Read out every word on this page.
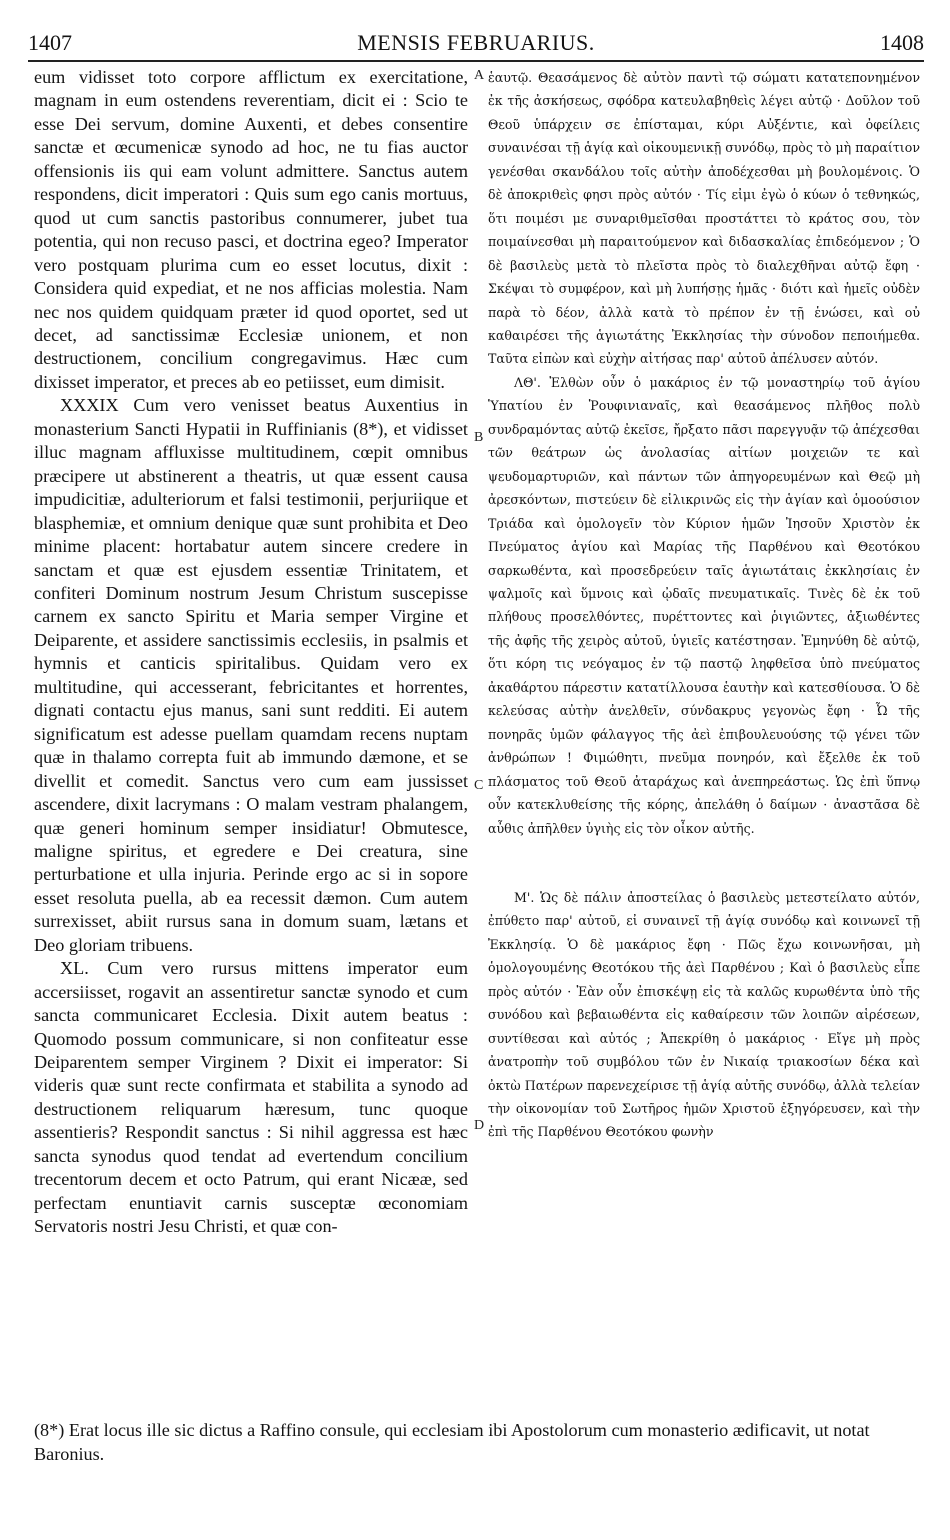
1407	MENSIS FEBRUARIUS.	1408

eum vidisset toto corpore afflictum ex exercitatione, magnam in eum ostendens reverentiam, dicit ei : Scio te esse Dei servum, domine Auxenti, et debes consentire sanctæ et œcumenicæ synodo ad hoc, ne tu fias auctor offensionis iis qui eam volunt admittere. Sanctus autem respondens, dicit imperatori : Quis sum ego canis mortuus, quod ut cum sanctis pastoribus connumerer, jubet tua potentia, qui non recuso pasci, et doctrina egeo? Imperator vero postquam plurima cum eo esset locutus, dixit : Considera quid expediat, et ne nos afficias molestia. Nam nec nos quidem quidquam præter id quod oportet, sed ut decet, ad sanctissimæ Ecclesiæ unionem, et non destructionem, concilium congregavimus. Hæc cum dixisset imperator, et preces ab eo petiisset, eum dimisit.

XXXIX Cum vero venisset beatus Auxentius in monasterium Sancti Hypatii in Ruffinianis (8*), et vidisset illuc magnam affluxisse multitudinem, cœpit omnibus præcipere ut abstinerent a theatris, ut quæ essent causa impudicitiæ, adulteriorum et falsi testimonii, perjuriique et blasphemiæ, et omnium denique quæ sunt prohibita et Deo minime placent: hortabatur autem sincere credere in sanctam et quæ est ejusdem essentiæ Trinitatem, et confiteri Dominum nostrum Jesum Christum suscepisse carnem ex sancto Spiritu et Maria semper Virgine et Deiparente, et assidere sanctissimis ecclesiis, in psalmis et hymnis et canticis spiritalibus. Quidam vero ex multitudine, qui accesserant, febricitantes et horrentes, dignati contactu ejus manus, sani sunt redditi. Ei autem significatum est adesse puellam quamdam recens nuptam quæ in thalamo correpta fuit ab immundo dæmone, et se divellit et comedit. Sanctus vero cum eam jussisset ascendere, dixit lacrymans : O malam vestram phalangem, quæ generi hominum semper insidiatur! Obmutesce, maligne spiritus, et egredere e Dei creatura, sine perturbatione et ulla injuria. Perinde ergo ac si in sopore esset resoluta puella, ab ea recessit dæmon. Cum autem surrexisset, abiit rursus sana in domum suam, lætans et Deo gloriam tribuens.

XL. Cum vero rursus mittens imperator eum accersiisset, rogavit an assentiretur sanctæ synodo et cum sancta communicaret Ecclesia. Dixit autem beatus : Quomodo possum communicare, si non confiteatur esse Deiparentem semper Virginem ? Dixit ei imperator: Si videris quæ sunt recte confirmata et stabilita a synodo ad destructionem reliquarum hæresum, tunc quoque assentieris? Respondit sanctus : Si nihil aggressa est hæc sancta synodus quod tendat ad evertendum concilium trecentorum decem et octo Patrum, qui erant Nicææ, sed perfectam enuntiavit carnis susceptæ œconomiam Servatoris nostri Jesu Christi, et quæ con-

ἑαυτῷ. Θεασάμενος δὲ αὐτὸν παντὶ τῷ σώματι κατατεπονημένον ἐκ τῆς ἀσκήσεως, σφόδρα κατευλαβηθεὶς λέγει αὐτῷ · Δοῦλον τοῦ Θεοῦ ὑπάρχειν σε ἐπίσταμαι, κύρι Αὐξέντιε, καὶ ὀφείλεις συναινέσαι τῇ ἁγίᾳ καὶ οἰκουμενικῇ συνόδῳ, πρὸς τὸ μὴ παραίτιον γενέσθαι σκανδάλου τοῖς αὐτὴν ἀποδέχεσθαι μὴ βουλομένοις. Ὁ δὲ ἀποκριθεὶς φησι πρὸς αὐτόν · Τίς εἰμι ἐγὼ ὁ κύων ὁ τεθνηκώς, ὅτι ποιμέσι με συναριθμεῖσθαι προστάττει τὸ κράτος σου, τὸν ποιμαίνεσθαι μὴ παραιτούμενον καὶ διδασκαλίας ἐπιδεόμενον ; Ὁ δὲ βασιλεὺς μετὰ τὸ πλεῖστα πρὸς τὸ διαλεχθῆναι αὐτῷ ἔφη · Σκέψαι τὸ συμφέρον, καὶ μὴ λυπήσῃς ἡμᾶς · διότι καὶ ἡμεῖς οὐδὲν παρὰ τὸ δέον, ἀλλὰ κατὰ τὸ πρέπον ἐν τῇ ἑνώσει, καὶ οὐ καθαιρέσει τῆς ἁγιωτάτης Ἐκκλησίας τὴν σύνοδον πεποιήμεθα. Ταῦτα εἰπὼν καὶ εὐχὴν αἰτήσας παρ' αὐτοῦ ἀπέλυσεν αὐτόν.

ΛΘ'. Ἐλθὼν οὖν ὁ μακάριος ἐν τῷ μοναστηρίῳ τοῦ ἁγίου Ὑπατίου ἐν Ῥουφινιαναῖς, καὶ θεασάμενος πλῆθος πολὺ συνδραμόντας αὐτῷ ἐκεῖσε, ἤρξατο πᾶσι παρεγγυᾷν τῷ ἀπέχεσθαι τῶν θεάτρων ὡς ἀνολασίας αἰτίων μοιχειῶν τε καὶ ψευδομαρτυριῶν, καὶ πάντων τῶν ἀπηγορευμένων καὶ Θεῷ μὴ ἀρεσκόντων, πιστεύειν δὲ εἰλικρινῶς εἰς τὴν ἁγίαν καὶ ὁμοούσιον Τριάδα καὶ ὁμολογεῖν τὸν Κύριον ἡμῶν Ἰησοῦν Χριστὸν ἐκ Πνεύματος ἁγίου καὶ Μαρίας τῆς Παρθένου καὶ Θεοτόκου σαρκωθέντα, καὶ προσεδρεύειν ταῖς ἁγιωτάταις ἐκκλησίαις ἐν ψαλμοῖς καὶ ὕμνοις καὶ ᾠδαῖς πνευματικαῖς. Τινὲς δὲ ἐκ τοῦ πλήθους προσελθόντες, πυρέττοντες καὶ ῥιγιῶντες, ἀξιωθέντες τῆς ἀφῆς τῆς χειρὸς αὐτοῦ, ὑγιεῖς κατέστησαν. Ἐμηνύθη δὲ αὐτῷ, ὅτι κόρη τις νεόγαμος ἐν τῷ παστῷ ληφθεῖσα ὑπὸ πνεύματος ἀκαθάρτου πάρεστιν κατατίλλουσα ἑαυτὴν καὶ κατεσθίουσα. Ὁ δὲ κελεύσας αὐτὴν ἀνελθεῖν, σύνδακρυς γεγονὼς ἔφη · Ὦ τῆς πονηρᾶς ὑμῶν φάλαγγος τῆς ἀεὶ ἐπιβουλευούσης τῷ γένει τῶν ἀνθρώπων ! Φιμώθητι, πνεῦμα πονηρόν, καὶ ἔξελθε ἐκ τοῦ πλάσματος τοῦ Θεοῦ ἀταράχως καὶ ἀνεπηρεάστως. Ὡς ἐπὶ ὕπνῳ οὖν κατεκλυθείσης τῆς κόρης, ἀπελάθη ὁ δαίμων · ἀναστᾶσα δὲ αὖθις ἀπῆλθεν ὑγιὴς εἰς τὸν οἶκον αὐτῆς.

Μ'. Ὡς δὲ πάλιν ἀποστείλας ὁ βασιλεὺς μετεστείλατο αὐτόν, ἐπύθετο παρ' αὐτοῦ, εἰ συναινεῖ τῇ ἁγίᾳ συνόδῳ καὶ κοινωνεῖ τῇ Ἐκκλησίᾳ. Ὁ δὲ μακάριος ἔφη · Πῶς ἔχω κοινωνῆσαι, μὴ ὁμολογουμένης Θεοτόκου τῆς ἀεὶ Παρθένου ; Καὶ ὁ βασιλεὺς εἶπε πρὸς αὐτόν · Ἐὰν οὖν ἐπισκέψῃ εἰς τὰ καλῶς κυρωθέντα ὑπὸ τῆς συνόδου καὶ βεβαιωθέντα εἰς καθαίρεσιν τῶν λοιπῶν αἱρέσεων, συντίθεσαι καὶ αὐτός ; Ἀπεκρίθη ὁ μακάριος · Εἴγε μὴ πρὸς ἀνατροπὴν τοῦ συμβόλου τῶν ἐν Νικαίᾳ τριακοσίων δέκα καὶ ὀκτὼ Πατέρων παρενεχείρισε τῇ ἁγίᾳ αὐτῆς συνόδῳ, ἀλλὰ τελείαν τὴν οἰκονομίαν τοῦ Σωτῆρος ἡμῶν Χριστοῦ ἐξηγόρευσεν, καὶ τὴν ἐπὶ τῆς Παρθένου Θεοτόκου φωνὴν

A
B
C
D

(8*) Erat locus ille sic dictus a Raffino consule, qui ecclesiam ibi Apostolorum cum monasterio ædificavit, ut notat Baronius.
